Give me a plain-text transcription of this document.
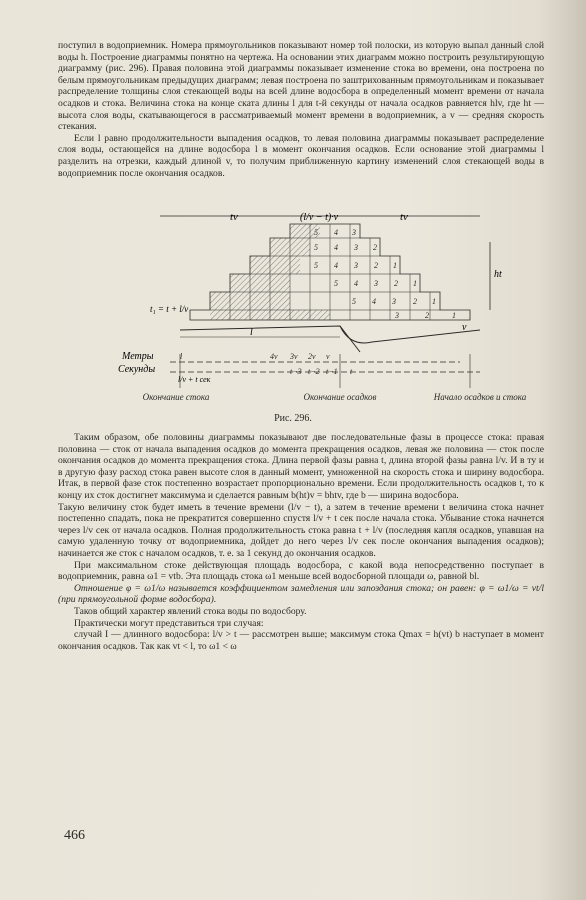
поступил в водоприемник. Номера прямоугольников показывают номер той полоски, из которую выпал данный слой воды h. Построение диаграммы понятно на чертежа. На основании этих диаграмм можно построить результирующую диаграмму (рис. 296). Правая половина этой диаграммы показывает изменение стока во времени, она построена по белым прямоугольникам предыдущих диаграмм; левая построена по заштрихованным прямоугольникам и показывает распределение толщины слоя стекающей воды на всей длине водосбора в определенный момент времени от начала осадков и стока. Величина стока на конце ската длины l для t-й секунды от начала осадков равняется hlv, где ht — высота слоя воды, скатывающегося в рассматриваемый момент времени в водоприемник, а v — средняя скорость стекания.

Если l равно продолжительности выпадения осадков, то левая половина диаграммы показывает распределение слоя воды, остающейся на длине водосбора l в момент окончания осадков. Если основание этой диаграммы l разделить на отрезки, каждый длиной v, то получим приближенную картину изменений слоя стекающей воды в водоприемник после окончания осадков.

tv	(l/v − t)·v	tv
5 4 3
5 4 3 2
5 4 3 2 1
5 4 3 2 1
5 4 3 2 1
3	2	1
ht
t₁ = t + l/v
l	v
Метры
Секунды
l	4v 3v 2v v
t−3 t−2 t−1 t
l/v + t сек
Окончание стока	Окончание осадков	Начало осадков и стока
Рис. 296.

Таким образом, обе половины диаграммы показывают две последовательные фазы в процессе стока: правая половина — сток от начала выпадения осадков до момента прекращения осадков, левая же половина — сток после окончания осадков до момента прекращения стока. Длина первой фазы равна t, длина второй фазы равна l/v. И в ту и в другую фазу расход стока равен высоте слоя в данный момент, умноженной на скорость стока и ширину водосбора. Итак, в первой фазе сток постепенно возрастает пропорционально времени. Если продолжительность осадков t, то к концу их сток достигнет максимума и сделается равным b(ht)v = bhtv, где b — ширина водосбора.

Такую величину сток будет иметь в течение времени (l/v − t), а затем в течение времени t величина стока начнет постепенно спадать, пока не прекратится совершенно спустя l/v + t сек после начала стока. Убывание стока начнется через l/v сек от начала осадков. Полная продолжительность стока равна t + l/v (последняя капля осадков, упавшая на самую удаленную точку от водоприемника, дойдет до него через l/v сек после окончания выпадения осадков); начинается же сток с началом осадков, т. е. за 1 секунд до окончания осадков.

При максимальном стоке действующая площадь водосбора, с какой вода непосредственно поступает в водоприемник, равна ω1 = vtb. Эта площадь стока ω1 меньше всей водосборной площади ω, равной bl.

Отношение φ = ω1/ω называется коэффициентом замедления или запоздания стока; он равен: φ = ω1/ω = vt/l (при прямоугольной форме водосбора).

Таков общий характер явлений стока воды по водосбору.

Практически могут представиться три случая:

случай I — длинного водосбора: l/v > t — рассмотрен выше; максимум стока Qmax = h(vt) b наступает в момент окончания осадков. Так как vt < l, то ω1 < ω

466
